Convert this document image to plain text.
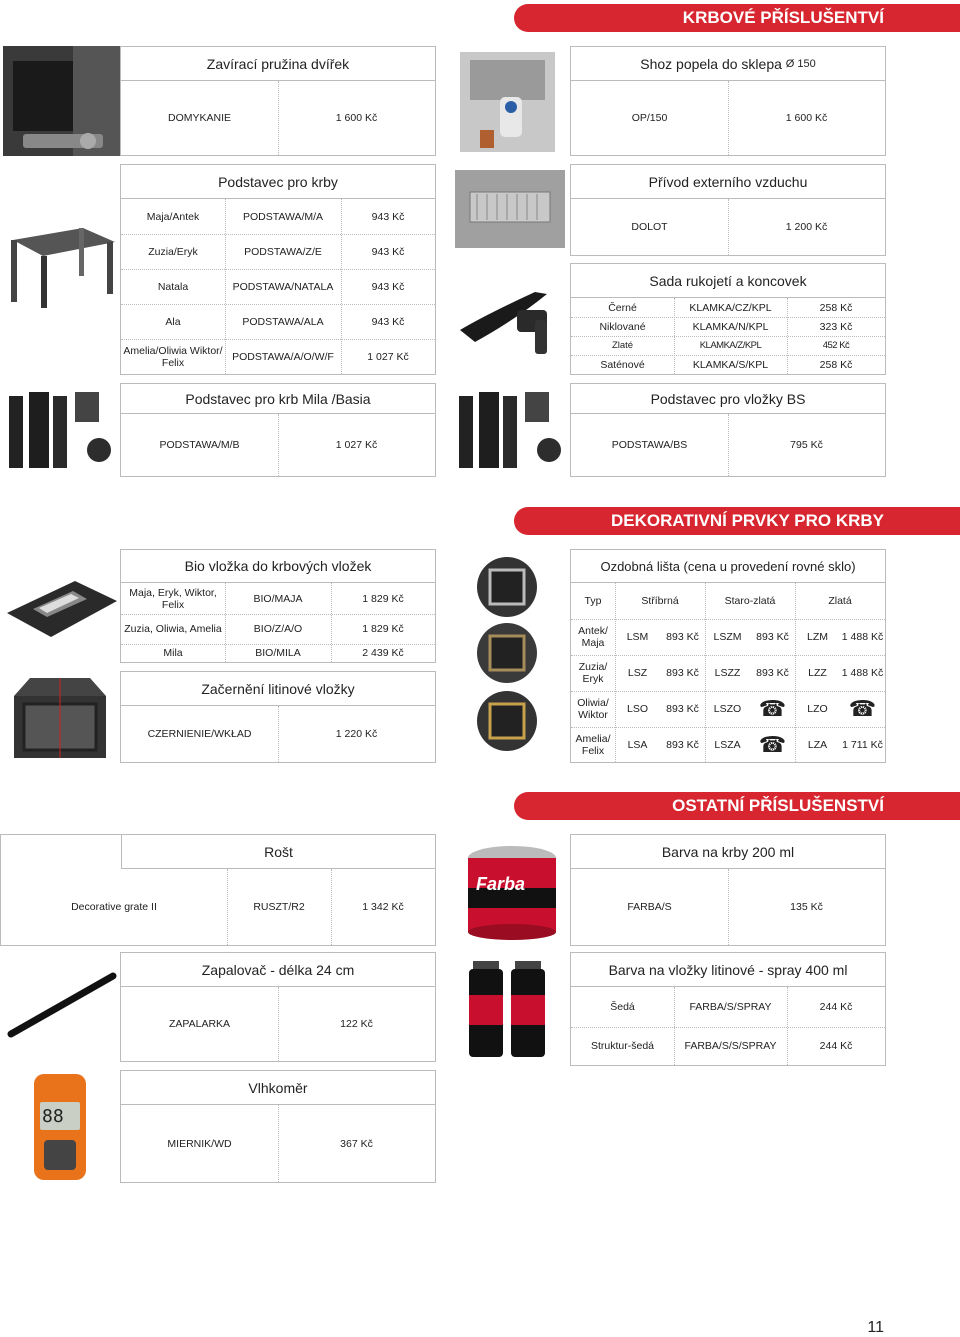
KRBOVÉ PŘÍSLUŠENTVÍ
Zavírací pružina dvířek
DOMYKANIE	1 600 Kč
Shoz popela do sklepa
Ø 150
OP/150	1 600 Kč
Podstavec pro krby
Maja/Antek	PODSTAWA/M/A	943 Kč
Zuzia/Eryk	PODSTAWA/Z/E	943 Kč
Natala	PODSTAWA/NATALA	943 Kč
Ala	PODSTAWA/ALA	943 Kč
Amelia/Oliwia Wiktor/ Felix	PODSTAWA/A/O/W/F	1 027 Kč
Přívod externího vzduchu
DOLOT	1 200 Kč
Sada rukojetí a koncovek
Černé	KLAMKA/CZ/KPL	258 Kč
Niklované	KLAMKA/N/KPL	323 Kč
Zlaté	KLAMKA/Z/KPL	452 Kč
Saténové	KLAMKA/S/KPL	258 Kč
Podstavec pro krb Mila /Basia
PODSTAWA/M/B	1 027 Kč
Podstavec pro vložky BS
PODSTAWA/BS	795 Kč
DEKORATIVNÍ PRVKY PRO KRBY
Bio vložka do krbových vložek
Maja, Eryk, Wiktor, Felix	BIO/MAJA	1 829 Kč
Zuzia, Oliwia, Amelia	BIO/Z/A/O	1 829 Kč
Mila	BIO/MILA	2 439 Kč
Začernění litinové vložky
CZERNIENIE/WKŁAD	1 220 Kč
Ozdobná lišta (cena u provedení rovné sklo)
Typ	Stříbrná	Staro-zlatá	Zlatá
Antek/ Maja	LSM	893 Kč	LSZM	893 Kč	LZM	1 488 Kč
Zuzia/ Eryk	LSZ	893 Kč	LSZZ	893 Kč	LZZ	1 488 Kč
Oliwia/ Wiktor	LSO	893 Kč	LSZO ☎	LZO ☎
Amelia/ Felix	LSA	893 Kč	LSZA ☎	LZA	1 711 Kč
OSTATNÍ PŘÍSLUŠENSTVÍ
Rošt
Decorative grate II	RUSZT/R2	1 342 Kč
Farba
Barva na krby 200 ml
FARBA/S	135 Kč
Zapalovač - délka 24 cm
ZAPALARKA	122 Kč
Barva na vložky litinové - spray 400 ml
Šedá	FARBA/S/SPRAY	244 Kč
Struktur-šedá	FARBA/S/S/SPRAY	244 Kč
88
Vlhkoměr
MIERNIK/WD	367 Kč
11
